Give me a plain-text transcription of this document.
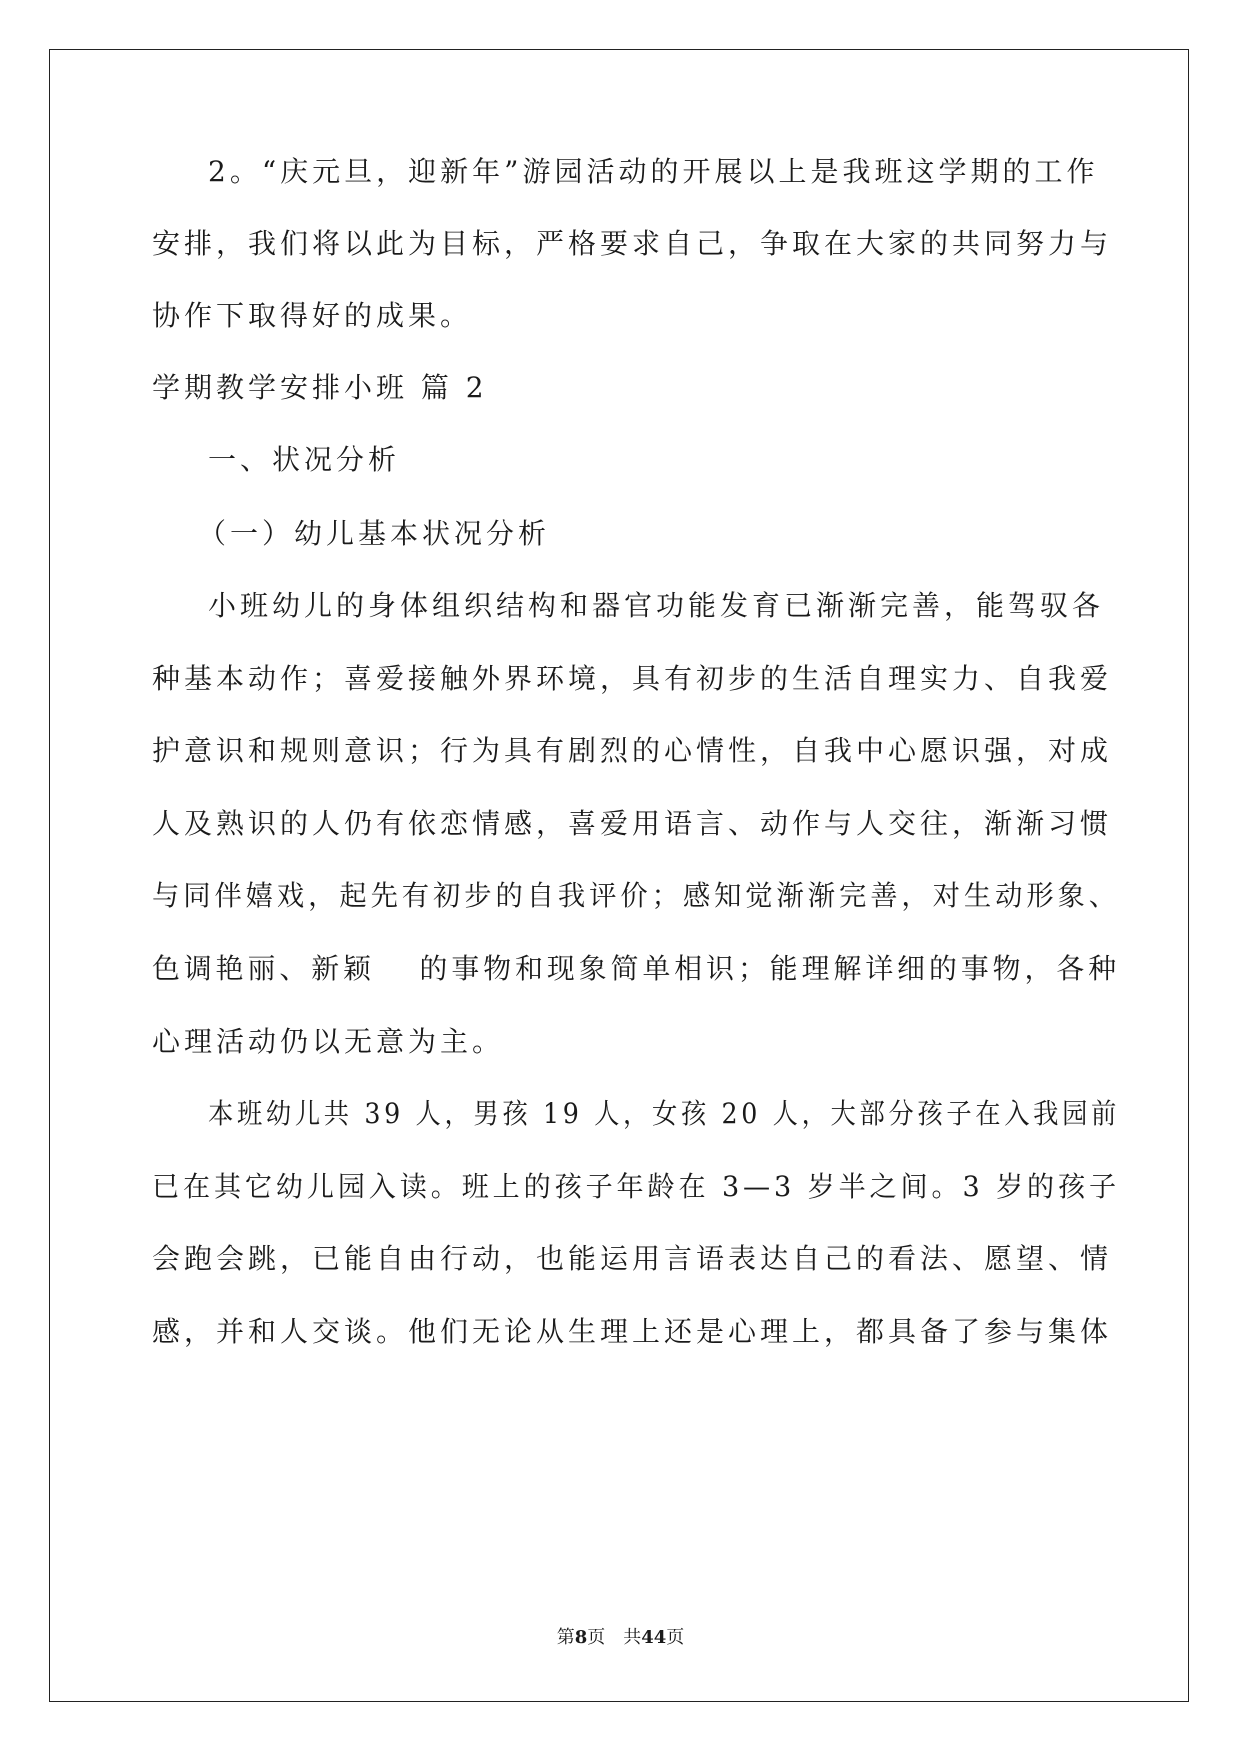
2。“庆元旦，迎新年”游园活动的开展以上是我班这学期的工作

安排，我们将以此为目标，严格要求自己，争取在大家的共同努力与

协作下取得好的成果。

学期教学安排小班 篇 2

一、状况分析

（一）幼儿基本状况分析

小班幼儿的身体组织结构和器官功能发育已渐渐完善，能驾驭各

种基本动作；喜爱接触外界环境，具有初步的生活自理实力、自我爱

护意识和规则意识；行为具有剧烈的心情性，自我中心愿识强，对成

人及熟识的人仍有依恋情感，喜爱用语言、动作与人交往，渐渐习惯

与同伴嬉戏，起先有初步的自我评价；感知觉渐渐完善，对生动形象、

色调艳丽、新颖　 的事物和现象简单相识；能理解详细的事物，各种

心理活动仍以无意为主。

本班幼儿共 39 人，男孩 19 人，女孩 20 人，大部分孩子在入我园前

已在其它幼儿园入读。班上的孩子年龄在 3—3 岁半之间。3 岁的孩子

会跑会跳，已能自由行动，也能运用言语表达自己的看法、愿望、情

感，并和人交谈。他们无论从生理上还是心理上，都具备了参与集体

第8页  共44页
